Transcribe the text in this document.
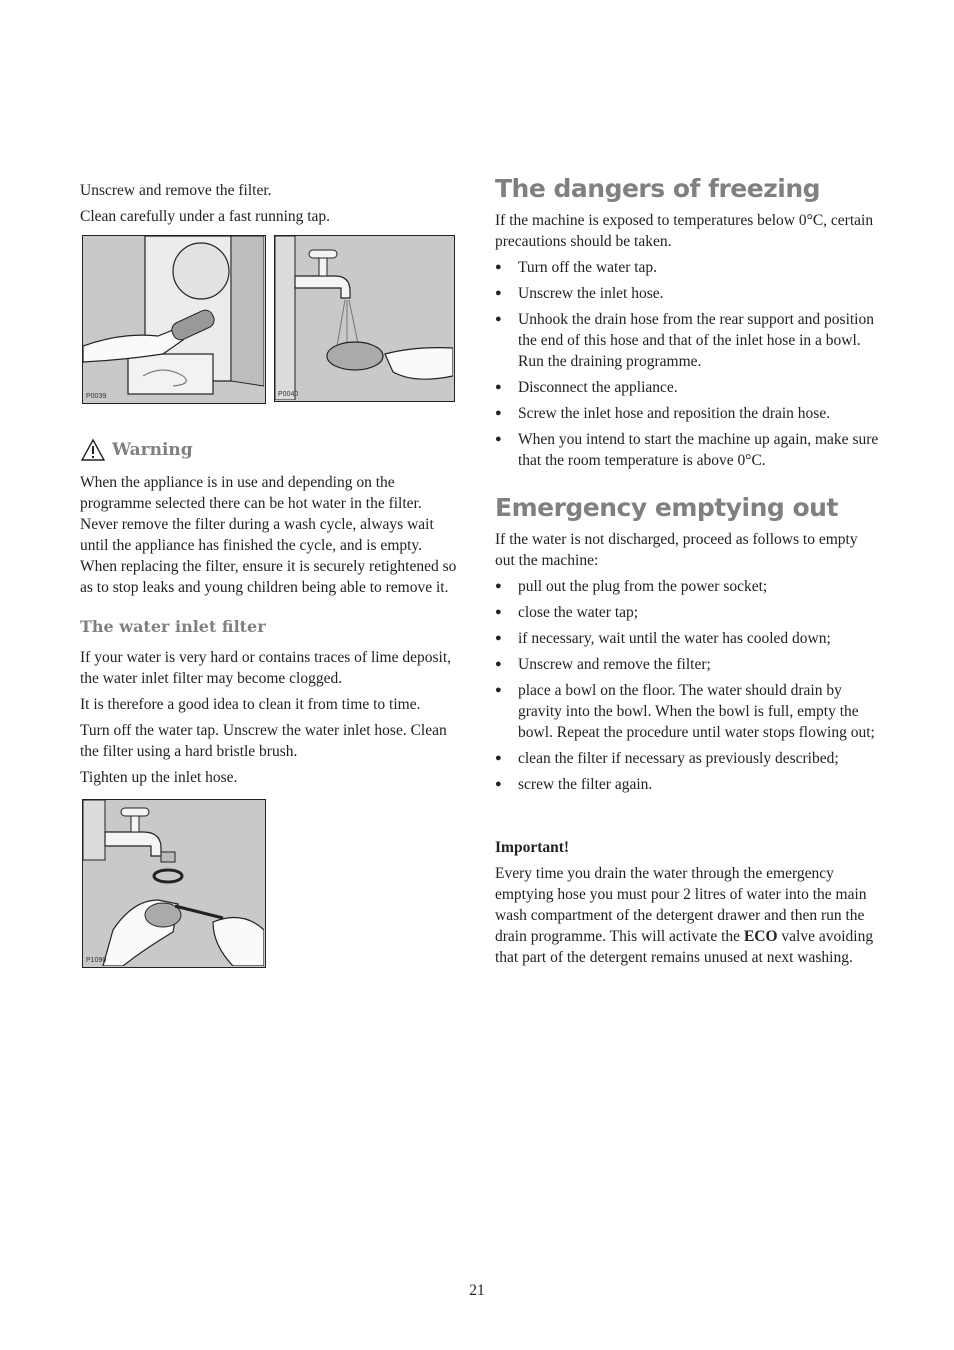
Unscrew and remove the filter.

Clean carefully under a fast running tap.

P0039	P0040
Warning

When the appliance is in use and depending on the programme selected there can be hot water in the filter. Never remove the filter during a wash cycle, always wait until the appliance has finished the cycle, and is empty. When replacing the filter, ensure it is securely retightened so as to stop leaks and young children being able to remove it.

The water inlet filter

If your water is very hard or contains traces of lime deposit, the water inlet filter may become clogged.

It is therefore a good idea to clean it from time to time.

Turn off the water tap. Unscrew the water inlet hose. Clean the filter using a hard bristle brush.

Tighten up the inlet hose.

P1090
The dangers of freezing

If the machine is exposed to temperatures below 0°C, certain precautions should be taken.

● Turn off the water tap.
● Unscrew the inlet hose.
● Unhook the drain hose from the rear support and position the end of this hose and that of the inlet hose in a bowl. Run the draining programme.
● Disconnect the appliance.
● Screw the inlet hose and reposition the drain hose.
● When you intend to start the machine up again, make sure that the room temperature is above 0°C.
Emergency emptying out

If the water is not discharged, proceed as follows to empty out the machine:

● pull out the plug from the power socket;
● close the water tap;
● if necessary, wait until the water has cooled down;
● Unscrew and remove the filter;
● place a bowl on the floor. The water should drain by gravity into the bowl. When the bowl is full, empty the bowl. Repeat the procedure until water stops flowing out;
● clean the filter if necessary as previously described;
● screw the filter again.

Important!

Every time you drain the water through the emergency emptying hose you must pour 2 litres of water into the main wash compartment of the detergent drawer and then run the drain programme. This will activate the ECO valve avoiding that part of the detergent remains unused at next washing.

21
